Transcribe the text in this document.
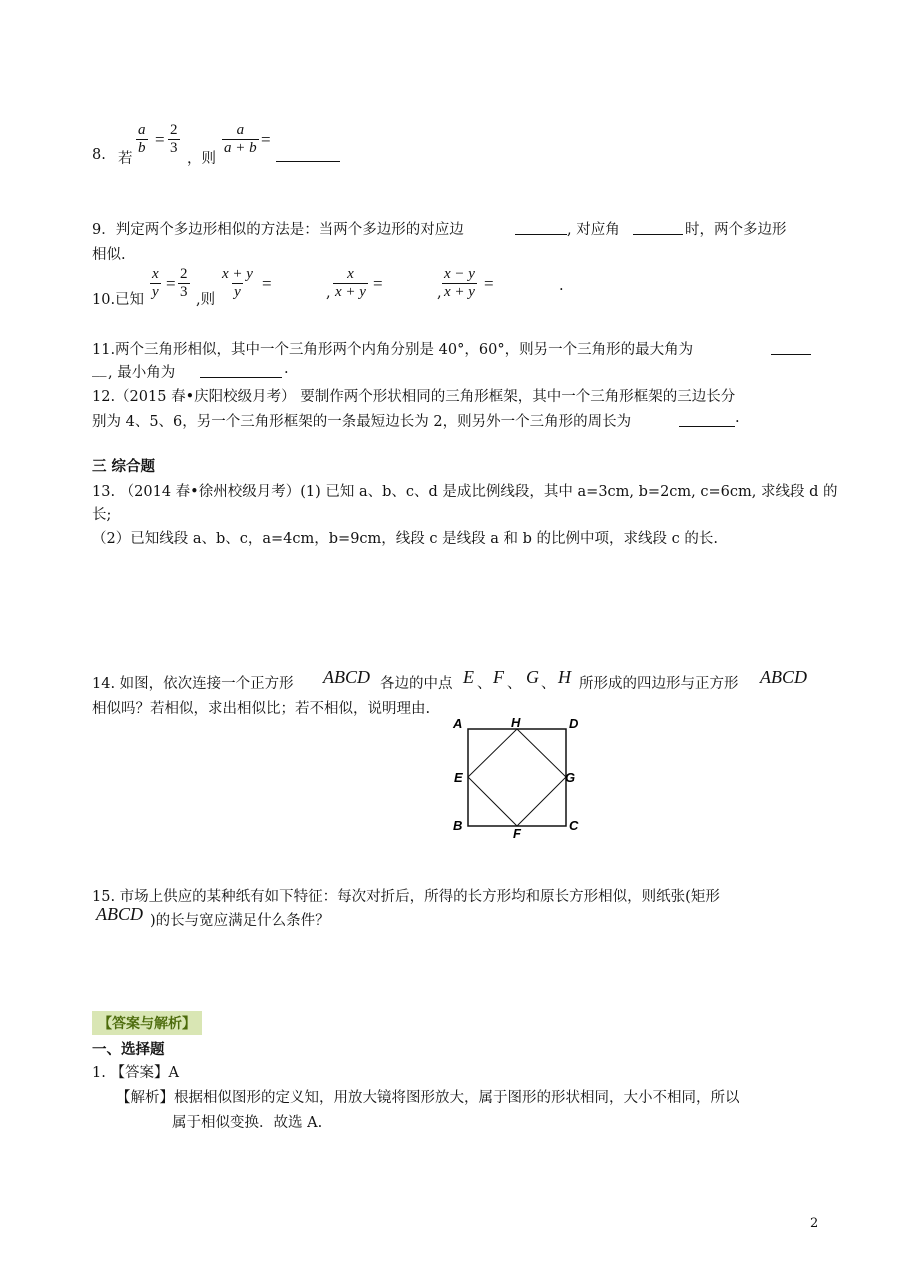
8. 若
$\frac{a}{b} = \frac{2}{3}$
，则
$\frac{a}{a + b}$ =
9．判定两个多边形相似的方法是：当两个多边形的对应边	, 对应角	时，两个多边形
相似.
10.已知 $\frac{x}{y} = \frac{2}{3}$ ,则 $\frac{x + y}{y}$ =	, $\frac{x}{x + y}$ =	, $\frac{x - y}{x + y}$ =	.
11.两个三角形相似，其中一个三角形两个内角分别是 40°，60°，则另一个三角形的最大角为
__ , 最小角为	.
12.（2015 春•庆阳校级月考） 要制作两个形状相同的三角形框架，其中一个三角形框架的三边长分
别为 4、5、6，另一个三角形框架的一条最短边长为 2，则另外一个三角形的周长为	.
三 综合题
13. （2014 春•徐州校级月考）(1) 已知 a、b、c、d 是成比例线段，其中 a=3cm, b=2cm, c=6cm, 求线段 d 的
长;
（2）已知线段 a、b、c，a=4cm，b=9cm，线段 c 是线段 a 和 b 的比例中项，求线段 c 的长.
14. 如图，依次连接一个正方形 ABCD 各边的中点 E 、 F 、 G 、 H 所形成的四边形与正方形 ABCD
相似吗？若相似，求出相似比；若不相似，说明理由.
A	H	D
E	G
B
F
C
15. 市场上供应的某种纸有如下特征：每次对折后，所得的长方形均和原长方形相似，则纸张(矩形
ABCD )的长与宽应满足什么条件？
【答案与解析】
一、选择题
1. 【答案】A
【解析】根据相似图形的定义知，用放大镜将图形放大，属于图形的形状相同，大小不相同，所以
属于相似变换．故选 A.
2
